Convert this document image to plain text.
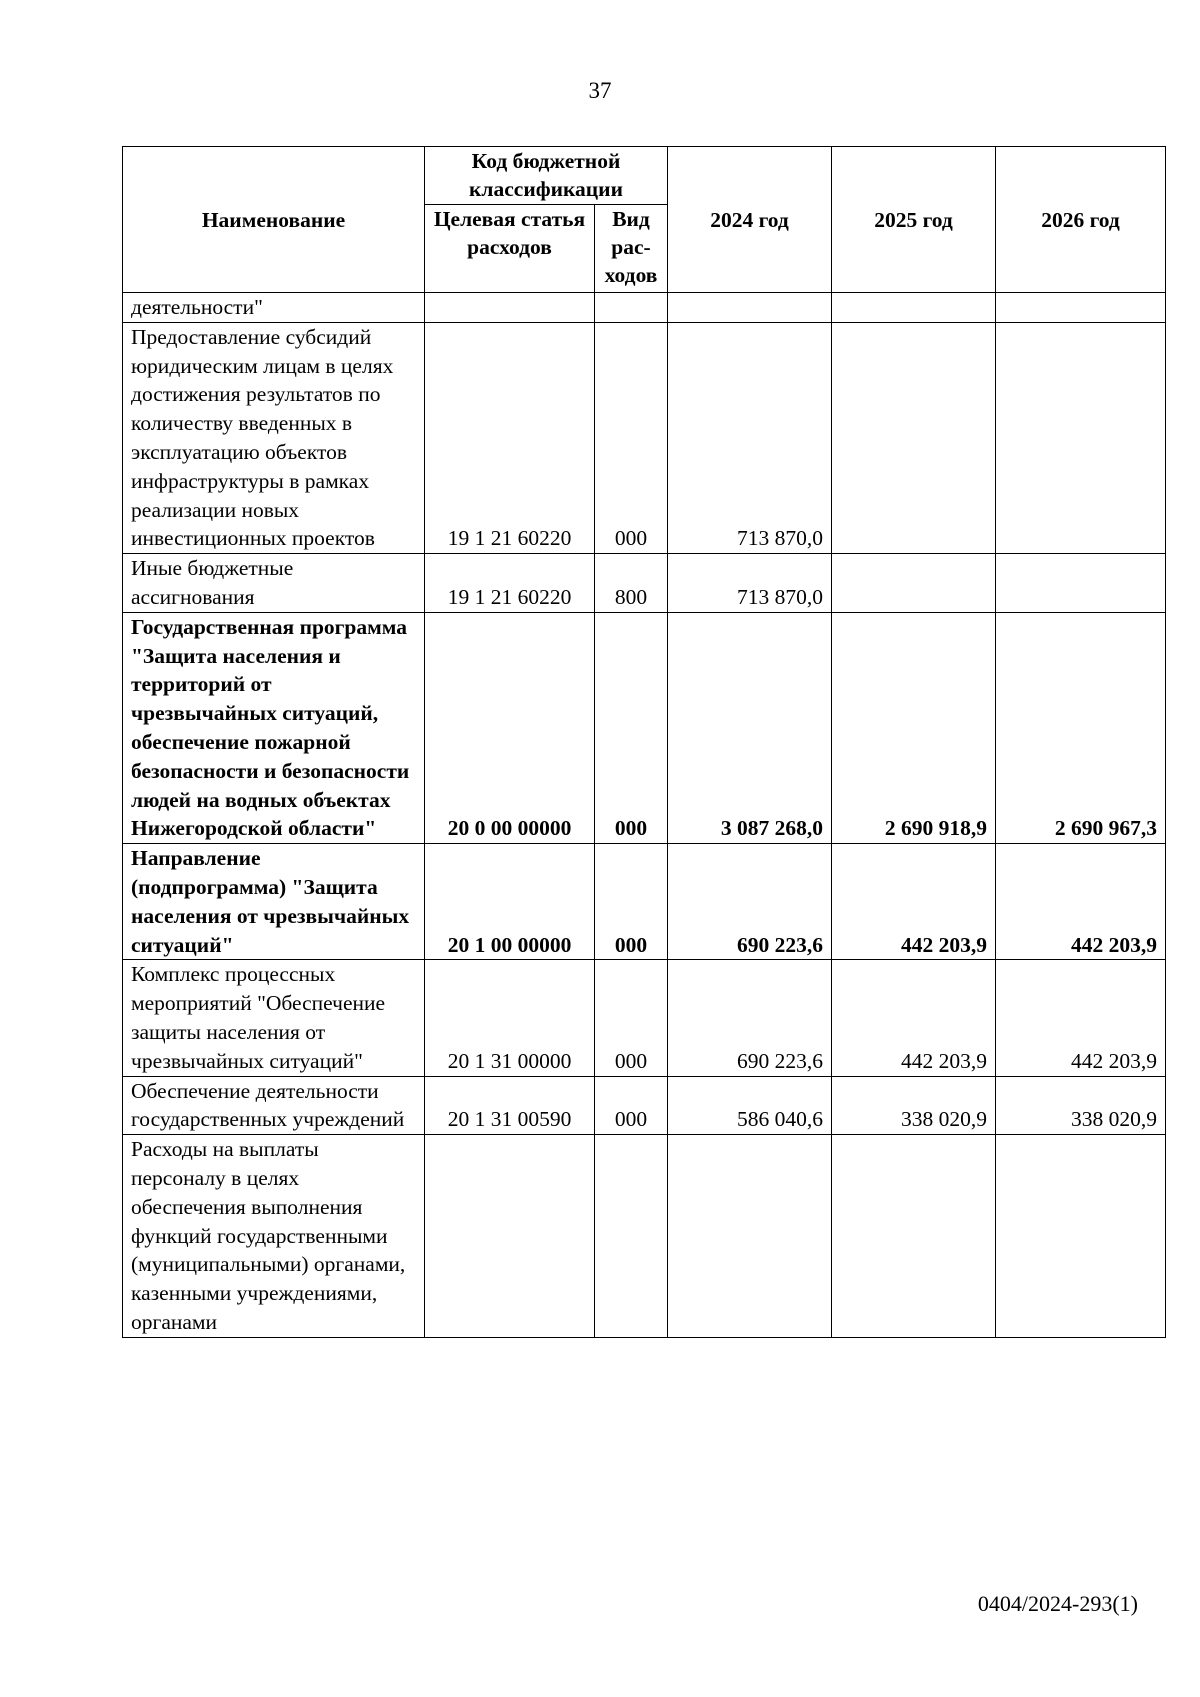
37
Наименование	Код бюджетной классификации		2024 год	2025 год	2026 год
	Целевая статья расходов	Вид рас-ходов			
деятельности"					
Предоставление субсидий юридическим лицам в целях достижения результатов по количеству введенных в эксплуатацию объектов инфраструктуры в рамках реализации новых инвестиционных проектов	19 1 21 60220	000	713 870,0		
Иные бюджетные ассигнования	19 1 21 60220	800	713 870,0		
Государственная программа "Защита населения и территорий от чрезвычайных ситуаций, обеспечение пожарной безопасности и безопасности людей на водных объектах Нижегородской области"	20 0 00 00000	000	3 087 268,0	2 690 918,9	2 690 967,3
Направление (подпрограмма) "Защита населения от чрезвычайных ситуаций"	20 1 00 00000	000	690 223,6	442 203,9	442 203,9
Комплекс процессных мероприятий "Обеспечение защиты населения от чрезвычайных ситуаций"	20 1 31 00000	000	690 223,6	442 203,9	442 203,9
Обеспечение деятельности государственных учреждений	20 1 31 00590	000	586 040,6	338 020,9	338 020,9
Расходы на выплаты персоналу в целях обеспечения выполнения функций государственными (муниципальными) органами, казенными учреждениями, органами					
0404/2024-293(1)
